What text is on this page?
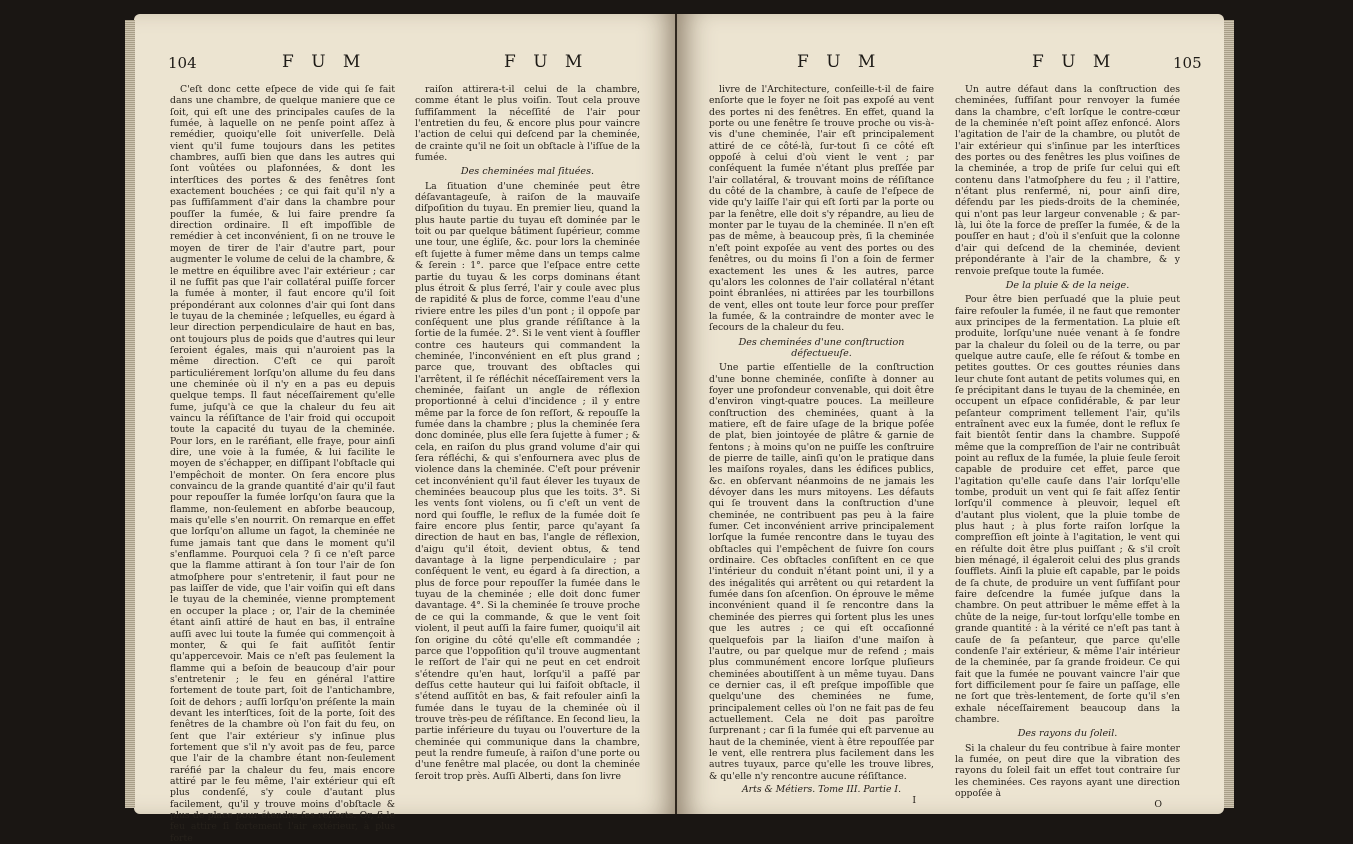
104	F U M	F U M

C'eſt donc cette eſpece de vide qui ſe fait dans une chambre, de quelque maniere que ce ſoit, qui eſt une des principales cauſes de la fumée, à laquelle on ne penſe point aſſez à remédier, quoiqu'elle ſoit univerſelle. Delà vient qu'il fume toujours dans les petites chambres, auſſi bien que dans les autres qui ſont voûtées ou plafonnées, & dont les interſtices des portes & des fenêtres ſont exactement bouchées ; ce qui fait qu'il n'y a pas ſuffiſamment d'air dans la chambre pour pouſſer la fumée, & lui faire prendre ſa direction ordinaire. Il eſt impoſſible de remédier à cet inconvénient, ſi on ne trouve le moyen de tirer de l'air d'autre part, pour augmenter le volume de celui de la chambre, & le mettre en équilibre avec l'air extérieur ; car il ne ſuffit pas que l'air collatéral puiſſe forcer la fumée à monter, il faut encore qu'il ſoit prépondérant aux colonnes d'air qui ſont dans le tuyau de la cheminée ; leſquelles, eu égard à leur direction perpendiculaire de haut en bas, ont toujours plus de poids que d'autres qui leur ſeroient égales, mais qui n'auroient pas la même direction. C'eſt ce qui paroît particuliérement lorſqu'on allume du feu dans une cheminée où il n'y en a pas eu depuis quelque temps. Il faut néceſſairement qu'elle fume, juſqu'à ce que la chaleur du feu ait vaincu la réſiſtance de l'air froid qui occupoit toute la capacité du tuyau de la cheminée. Pour lors, en le raréfiant, elle fraye, pour ainſi dire, une voie à la fumée, & lui facilite le moyen de s'échapper, en diſſipant l'obſtacle qui l'empêchoit de monter. On ſera encore plus convaincu de la grande quantité d'air qu'il faut pour repouſſer la fumée lorſqu'on ſaura que la flamme, non-ſeulement en abſorbe beaucoup, mais qu'elle s'en nourrit. On remarque en effet que lorſqu'on allume un fagot, la cheminée ne fume jamais tant que dans le moment qu'il s'enflamme. Pourquoi cela ? ſi ce n'eſt parce que la flamme attirant à ſon tour l'air de ſon atmoſphere pour s'entretenir, il faut pour ne pas laiſſer de vide, que l'air voiſin qui eſt dans le tuyau de la cheminée, vienne promptement en occuper la place ; or, l'air de la cheminée étant ainſi attiré de haut en bas, il entraîne auſſi avec lui toute la fumée qui commençoit à monter, & qui ſe fait auſſitôt ſentir qu'appercevoir. Mais ce n'eſt pas ſeulement la flamme qui a beſoin de beaucoup d'air pour s'entretenir ; le feu en général l'attire fortement de toute part, ſoit de l'antichambre, ſoit de dehors ; auſſi lorſqu'on préſente la main devant les interſtices, ſoit de la porte, ſoit des fenêtres de la chambre où l'on fait du feu, on ſent que l'air extérieur s'y inſinue plus fortement que s'il n'y avoit pas de feu, parce que l'air de la chambre étant non-ſeulement raréfié par la chaleur du feu, mais encore attiré par le feu même, l'air extérieur qui eſt plus condenſé, s'y coule d'autant plus facilement, qu'il y trouve moins d'obſtacle & plus de place pour étendre ſes reſſorts. Or, ſi le feu attire ſi fortement l'air extérieur, à plus forte

raiſon attirera-t-il celui de la chambre, comme étant le plus voiſin. Tout cela prouve ſuffiſamment la néceſſité de l'air pour l'entretien du feu, & encore plus pour vaincre l'action de celui qui deſcend par la cheminée, de crainte qu'il ne ſoit un obſtacle à l'iſſue de la fumée.

Des cheminées mal ſituées.

La ſituation d'une cheminée peut être déſavantageuſe, à raiſon de la mauvaiſe diſpoſition du tuyau. En premier lieu, quand la plus haute partie du tuyau eſt dominée par le toit ou par quelque bâtiment ſupérieur, comme une tour, une égliſe, &c. pour lors la cheminée eſt ſujette à fumer même dans un temps calme & ſerein : 1°. parce que l'eſpace entre cette partie du tuyau & les corps dominans étant plus étroit & plus ſerré, l'air y coule avec plus de rapidité & plus de force, comme l'eau d'une riviere entre les piles d'un pont ; il oppoſe par conſéquent une plus grande réſiſtance à la ſortie de la fumée. 2°. Si le vent vient à ſouffler contre ces hauteurs qui commandent la cheminée, l'inconvénient en eſt plus grand ; parce que, trouvant des obſtacles qui l'arrêtent, il ſe réfléchit néceſſairement vers la cheminée, faiſant un angle de réflexion proportionné à celui d'incidence ; il y entre même par la force de ſon reſſort, & repouſſe la fumée dans la chambre ; plus la cheminée ſera donc dominée, plus elle ſera ſujette à fumer ; & cela, en raiſon du plus grand volume d'air qui ſera réfléchi, & qui s'enfournera avec plus de violence dans la cheminée. C'eſt pour prévenir cet inconvénient qu'il faut élever les tuyaux de cheminées beaucoup plus que les toits. 3°. Si les vents ſont violens, ou ſi c'eſt un vent de nord qui ſouffle, le reflux de la fumée doit ſe faire encore plus ſentir, parce qu'ayant ſa direction de haut en bas, l'angle de réflexion, d'aigu qu'il étoit, devient obtus, & tend davantage à la ligne perpendiculaire ; par conſéquent le vent, eu égard à ſa direction, a plus de force pour repouſſer la fumée dans le tuyau de la cheminée ; elle doit donc fumer davantage. 4°. Si la cheminée ſe trouve proche de ce qui la commande, & que le vent ſoit violent, il peut auſſi la faire fumer, quoiqu'il ait ſon origine du côté qu'elle eſt commandée ; parce que l'oppoſition qu'il trouve augmentant le reſſort de l'air qui ne peut en cet endroit s'étendre qu'en haut, lorſqu'il a paſſé par deſſus cette hauteur qui lui faiſoit obſtacle, il s'étend auſſitôt en bas, & fait refouler ainſi la fumée dans le tuyau de la cheminée où il trouve très-peu de réſiſtance. En ſecond lieu, la partie inférieure du tuyau ou l'ouverture de la cheminée qui communique dans la chambre, peut la rendre fumeuſe, à raiſon d'une porte ou d'une fenêtre mal placée, ou dont la cheminée ſeroit trop près. Auſſi Alberti, dans ſon livre

F U M	F U M	105

livre de l'Architecture, conſeille-t-il de faire enſorte que le foyer ne ſoit pas expoſé au vent des portes ni des fenêtres. En effet, quand la porte ou une fenêtre ſe trouve proche ou vis-à-vis d'une cheminée, l'air eſt principalement attiré de ce côté-là, ſur-tout ſi ce côté eſt oppoſé à celui d'où vient le vent ; par conſéquent la fumée n'étant plus preſſée par l'air collatéral, & trouvant moins de réſiſtance du côté de la chambre, à cauſe de l'eſpece de vide qu'y laiſſe l'air qui eſt ſorti par la porte ou par la fenêtre, elle doit s'y répandre, au lieu de monter par le tuyau de la cheminée. Il n'en eſt pas de même, à beaucoup près, ſi la cheminée n'eſt point expoſée au vent des portes ou des fenêtres, ou du moins ſi l'on a ſoin de fermer exactement les unes & les autres, parce qu'alors les colonnes de l'air collatéral n'étant point ébranlées, ni attirées par les tourbillons de vent, elles ont toute leur force pour preſſer la fumée, & la contraindre de monter avec le ſecours de la chaleur du feu.

Des cheminées d'une conſtruction défectueuſe.

Une partie eſſentielle de la conſtruction d'une bonne cheminée, conſiſte à donner au foyer une profondeur convenable, qui doit être d'environ vingt-quatre pouces. La meilleure conſtruction des cheminées, quant à la matiere, eſt de faire uſage de la brique poſée de plat, bien jointoyée de plâtre & garnie de fentons ; à moins qu'on ne puiſſe les conſtruire de pierre de taille, ainſi qu'on le pratique dans les maiſons royales, dans les édifices publics, &c. en obſervant néanmoins de ne jamais les dévoyer dans les murs mitoyens. Les défauts qui ſe trouvent dans la conſtruction d'une cheminée, ne contribuent pas peu à la faire fumer. Cet inconvénient arrive principalement lorſque la fumée rencontre dans le tuyau des obſtacles qui l'empêchent de ſuivre ſon cours ordinaire. Ces obſtacles conſiſtent en ce que l'intérieur du conduit n'étant point uni, il y a des inégalités qui arrêtent ou qui retardent la fumée dans ſon aſcenſion. On éprouve le même inconvénient quand il ſe rencontre dans la cheminée des pierres qui ſortent plus les unes que les autres ; ce qui eſt occaſionné quelquefois par la liaiſon d'une maiſon à l'autre, ou par quelque mur de refend ; mais plus communément encore lorſque pluſieurs cheminées aboutiſſent à un même tuyau. Dans ce dernier cas, il eſt preſque impoſſible que quelqu'une des cheminées ne fume, principalement celles où l'on ne fait pas de feu actuellement. Cela ne doit pas paroître ſurprenant ; car ſi la fumée qui eſt parvenue au haut de la cheminée, vient à être repouſſée par le vent, elle rentrera plus facilement dans les autres tuyaux, parce qu'elle les trouve libres, & qu'elle n'y rencontre aucune réſiſtance.

Arts & Métiers. Tome III. Partie I.
I

Un autre défaut dans la conſtruction des cheminées, ſuffiſant pour renvoyer la fumée dans la chambre, c'eſt lorſque le contre-cœur de la cheminée n'eſt point aſſez enfoncé. Alors l'agitation de l'air de la chambre, ou plutôt de l'air extérieur qui s'inſinue par les interſtices des portes ou des fenêtres les plus voiſines de la cheminée, a trop de priſe ſur celui qui eſt contenu dans l'atmoſphere du feu ; il l'attire, n'étant plus renfermé, ni, pour ainſi dire, défendu par les pieds-droits de la cheminée, qui n'ont pas leur largeur convenable ; & par-là, lui ôte la force de preſſer la fumée, & de la pouſſer en haut ; d'où il s'enſuit que la colonne d'air qui deſcend de la cheminée, devient prépondérante à l'air de la chambre, & y renvoie preſque toute la fumée.

De la pluie & de la neige.

Pour être bien perſuadé que la pluie peut faire refouler la fumée, il ne faut que remonter aux principes de la fermentation. La pluie eſt produite, lorſqu'une nuée venant à ſe fondre par la chaleur du ſoleil ou de la terre, ou par quelque autre cauſe, elle ſe réſout & tombe en petites gouttes. Or ces gouttes réunies dans leur chute ſont autant de petits volumes qui, en ſe précipitant dans le tuyau de la cheminée, en occupent un eſpace conſidérable, & par leur peſanteur compriment tellement l'air, qu'ils entraînent avec eux la fumée, dont le reflux ſe fait bientôt ſentir dans la chambre. Suppoſé même que la compreſſion de l'air ne contribuât point au reflux de la fumée, la pluie ſeule ſeroit capable de produire cet effet, parce que l'agitation qu'elle cauſe dans l'air lorſqu'elle tombe, produit un vent qui ſe fait aſſez ſentir lorſqu'il commence à pleuvoir, lequel eſt d'autant plus violent, que la pluie tombe de plus haut ; à plus forte raiſon lorſque la compreſſion eſt jointe à l'agitation, le vent qui en réſulte doit être plus puiſſant ; & s'il croît bien ménagé, il égaleroit celui des plus grands ſoufflets. Ainſi la pluie eſt capable, par le poids de ſa chute, de produire un vent ſuffiſant pour faire deſcendre la fumée juſque dans la chambre. On peut attribuer le même effet à la chûte de la neige, ſur-tout lorſqu'elle tombe en grande quantité : à la vérité ce n'eſt pas tant à cauſe de ſa peſanteur, que parce qu'elle condenſe l'air extérieur, & même l'air intérieur de la cheminée, par ſa grande froideur. Ce qui fait que la fumée ne pouvant vaincre l'air que fort difficilement pour ſe faire un paſſage, elle ne ſort que très-lentement, de ſorte qu'il s'en exhale néceſſairement beaucoup dans la chambre.

Des rayons du ſoleil.

Si la chaleur du feu contribue à faire monter la fumée, on peut dire que la vibration des rayons du ſoleil fait un effet tout contraire ſur les cheminées. Ces rayons ayant une direction oppoſée à

O
